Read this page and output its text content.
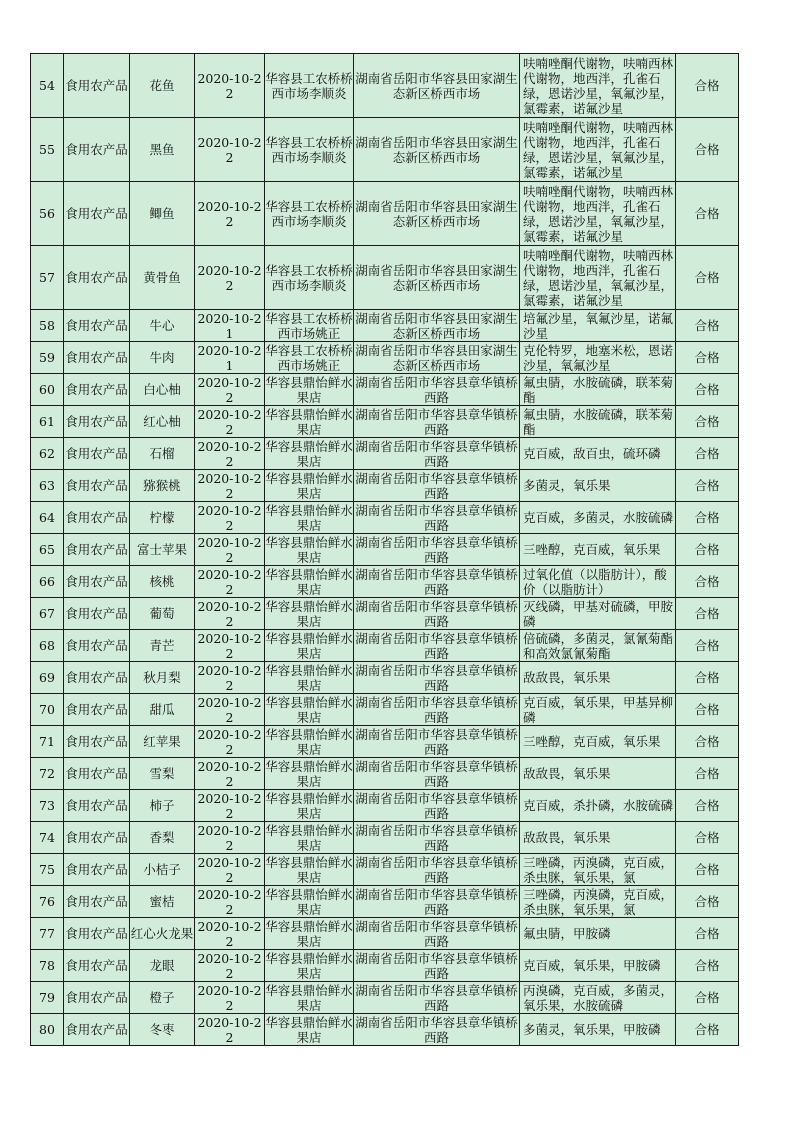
54	食用农产品	花鱼	2020-10-22	华容县工农桥桥西市场李顺炎	湖南省岳阳市华容县田家湖生态新区桥西市场	呋喃唑酮代谢物，呋喃西林代谢物，地西泮，孔雀石绿，恩诺沙星，氧氟沙星，氯霉素，诺氟沙星	合格

55	食用农产品	黑鱼	2020-10-22	华容县工农桥桥西市场李顺炎	湖南省岳阳市华容县田家湖生态新区桥西市场	呋喃唑酮代谢物，呋喃西林代谢物，地西泮，孔雀石绿，恩诺沙星，氧氟沙星，氯霉素，诺氟沙星	合格

56	食用农产品	鲫鱼	2020-10-22	华容县工农桥桥西市场李顺炎	湖南省岳阳市华容县田家湖生态新区桥西市场	呋喃唑酮代谢物，呋喃西林代谢物，地西泮，孔雀石绿，恩诺沙星，氧氟沙星，氯霉素，诺氟沙星	合格

57	食用农产品	黄骨鱼	2020-10-22	华容县工农桥桥西市场李顺炎	湖南省岳阳市华容县田家湖生态新区桥西市场	呋喃唑酮代谢物，呋喃西林代谢物，地西泮，孔雀石绿，恩诺沙星，氧氟沙星，氯霉素，诺氟沙星	合格

58	食用农产品	牛心	2020-10-21	华容县工农桥桥西市场姚正	湖南省岳阳市华容县田家湖生态新区桥西市场	培氟沙星，氧氟沙星，诺氟沙星	合格

59	食用农产品	牛肉	2020-10-21	华容县工农桥桥西市场姚正	湖南省岳阳市华容县田家湖生态新区桥西市场	克伦特罗，地塞米松，恩诺沙星，氧氟沙星	合格

60	食用农产品	白心柚	2020-10-22	华容县鼎怡鲜水果店	湖南省岳阳市华容县章华镇桥西路	氟虫腈，水胺硫磷，联苯菊酯	合格

61	食用农产品	红心柚	2020-10-22	华容县鼎怡鲜水果店	湖南省岳阳市华容县章华镇桥西路	氟虫腈，水胺硫磷，联苯菊酯	合格

62	食用农产品	石榴	2020-10-22	华容县鼎怡鲜水果店	湖南省岳阳市华容县章华镇桥西路	克百威，敌百虫，硫环磷	合格

63	食用农产品	猕猴桃	2020-10-22	华容县鼎怡鲜水果店	湖南省岳阳市华容县章华镇桥西路	多菌灵，氧乐果	合格

64	食用农产品	柠檬	2020-10-22	华容县鼎怡鲜水果店	湖南省岳阳市华容县章华镇桥西路	克百威，多菌灵，水胺硫磷	合格

65	食用农产品	富士苹果	2020-10-22	华容县鼎怡鲜水果店	湖南省岳阳市华容县章华镇桥西路	三唑醇，克百威，氧乐果	合格

66	食用农产品	核桃	2020-10-22	华容县鼎怡鲜水果店	湖南省岳阳市华容县章华镇桥西路	过氧化值（以脂肪计），酸价（以脂肪计）	合格

67	食用农产品	葡萄	2020-10-22	华容县鼎怡鲜水果店	湖南省岳阳市华容县章华镇桥西路	灭线磷，甲基对硫磷，甲胺磷	合格

68	食用农产品	青芒	2020-10-22	华容县鼎怡鲜水果店	湖南省岳阳市华容县章华镇桥西路	倍硫磷，多菌灵，氯氰菊酯和高效氯氰菊酯	合格

69	食用农产品	秋月梨	2020-10-22	华容县鼎怡鲜水果店	湖南省岳阳市华容县章华镇桥西路	敌敌畏，氧乐果	合格

70	食用农产品	甜瓜	2020-10-22	华容县鼎怡鲜水果店	湖南省岳阳市华容县章华镇桥西路	克百威，氧乐果，甲基异柳磷	合格

71	食用农产品	红苹果	2020-10-22	华容县鼎怡鲜水果店	湖南省岳阳市华容县章华镇桥西路	三唑醇，克百威，氧乐果	合格

72	食用农产品	雪梨	2020-10-22	华容县鼎怡鲜水果店	湖南省岳阳市华容县章华镇桥西路	敌敌畏，氧乐果	合格

73	食用农产品	柿子	2020-10-22	华容县鼎怡鲜水果店	湖南省岳阳市华容县章华镇桥西路	克百威，杀扑磷，水胺硫磷	合格

74	食用农产品	香梨	2020-10-22	华容县鼎怡鲜水果店	湖南省岳阳市华容县章华镇桥西路	敌敌畏，氧乐果	合格

75	食用农产品	小桔子	2020-10-22	华容县鼎怡鲜水果店	湖南省岳阳市华容县章华镇桥西路	三唑磷，丙溴磷，克百威，杀虫脒，氧乐果，氯	合格

76	食用农产品	蜜桔	2020-10-22	华容县鼎怡鲜水果店	湖南省岳阳市华容县章华镇桥西路	三唑磷，丙溴磷，克百威，杀虫脒，氧乐果，氯	合格

77	食用农产品	红心火龙果	2020-10-22	华容县鼎怡鲜水果店	湖南省岳阳市华容县章华镇桥西路	氟虫腈，甲胺磷	合格

78	食用农产品	龙眼	2020-10-22	华容县鼎怡鲜水果店	湖南省岳阳市华容县章华镇桥西路	克百威，氧乐果，甲胺磷	合格

79	食用农产品	橙子	2020-10-22	华容县鼎怡鲜水果店	湖南省岳阳市华容县章华镇桥西路	丙溴磷，克百威，多菌灵，氧乐果，水胺硫磷	合格

80	食用农产品	冬枣	2020-10-22	华容县鼎怡鲜水果店	湖南省岳阳市华容县章华镇桥西路	多菌灵，氧乐果，甲胺磷	合格
